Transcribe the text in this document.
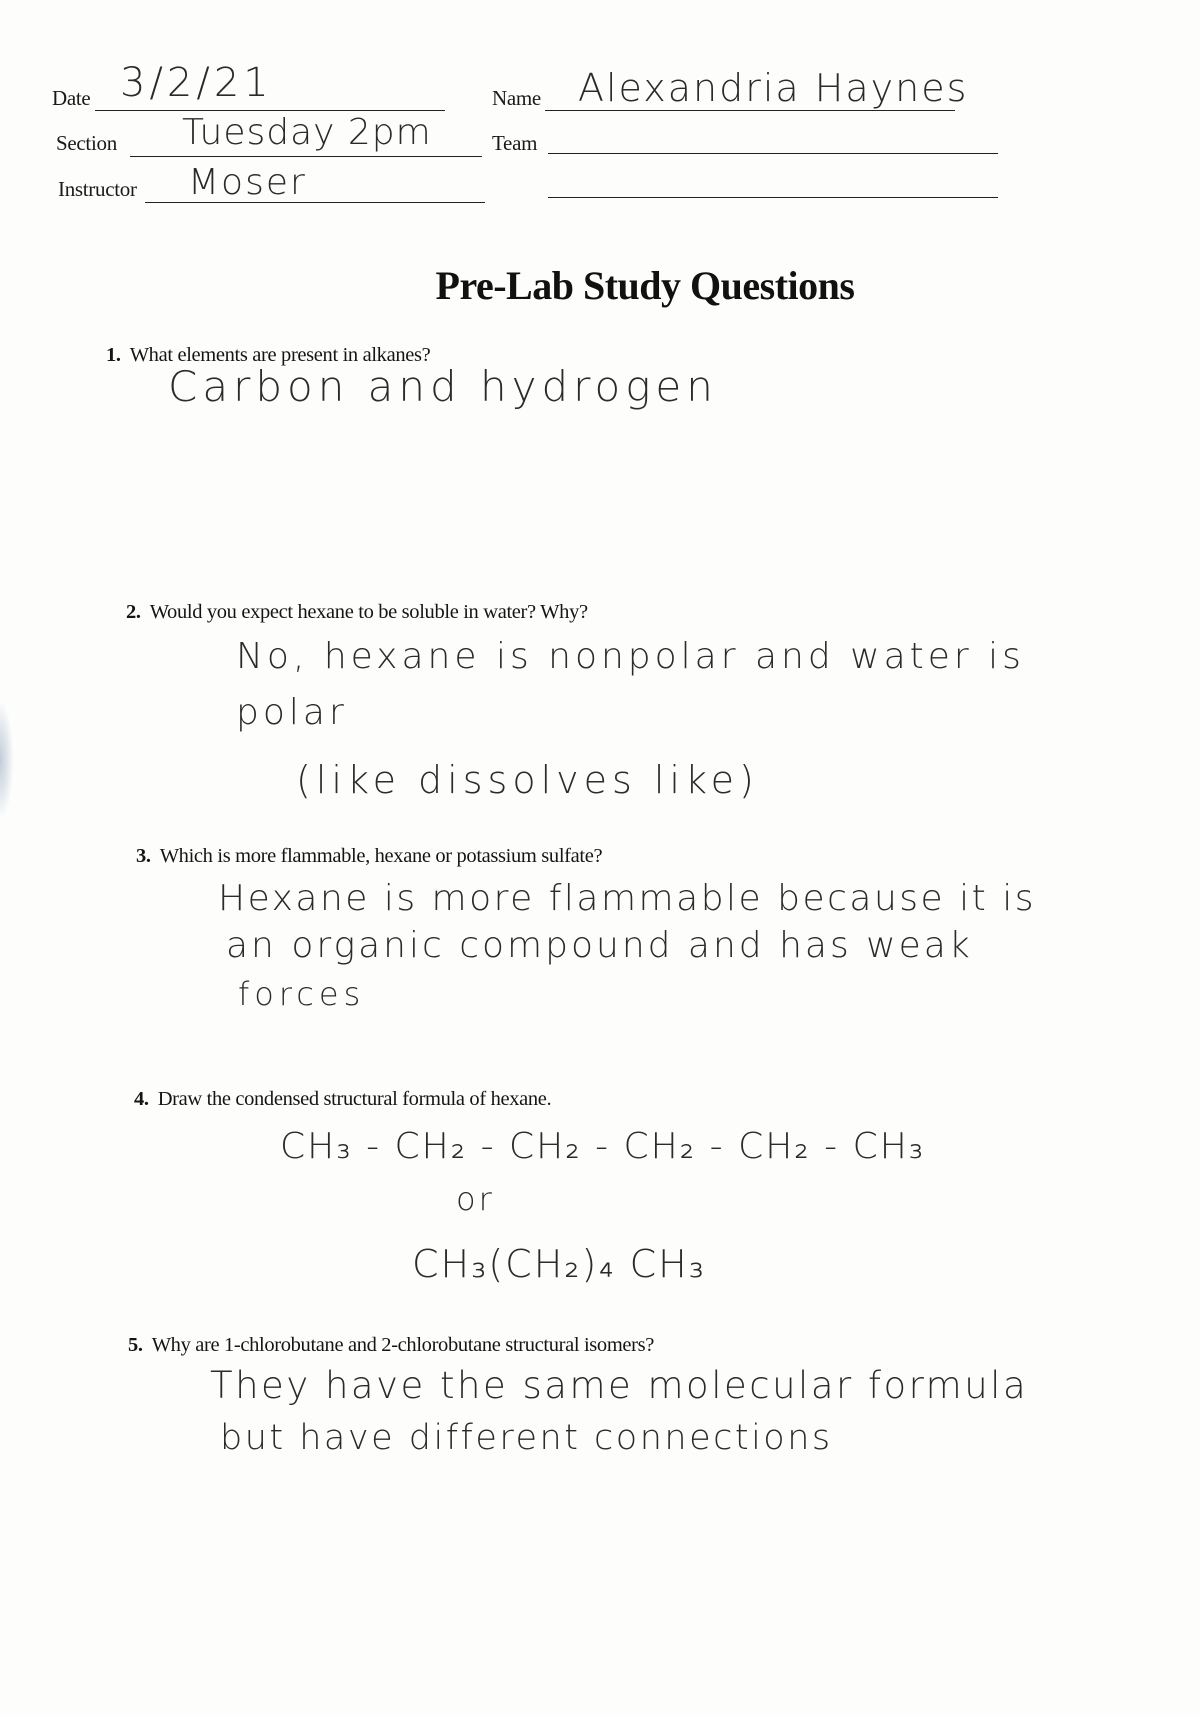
Date 3/2/21	Name Alexandria Haynes
Section Tuesday 2pm	Team
Instructor Moser
Pre-Lab Study Questions
1. What elements are present in alkanes?
Carbon and hydrogen
2. Would you expect hexane to be soluble in water? Why?
No, hexane is nonpolar and water is
polar
(like dissolves like)
3. Which is more flammable, hexane or potassium sulfate?
Hexane is more flammable because it is
an organic compound and has weak
forces
4. Draw the condensed structural formula of hexane.
CH₃ - CH₂ - CH₂ - CH₂ - CH₂ - CH₃
or
CH₃(CH₂)₄ CH₃
5. Why are 1-chlorobutane and 2-chlorobutane structural isomers?
They have the same molecular formula
but have different connections
